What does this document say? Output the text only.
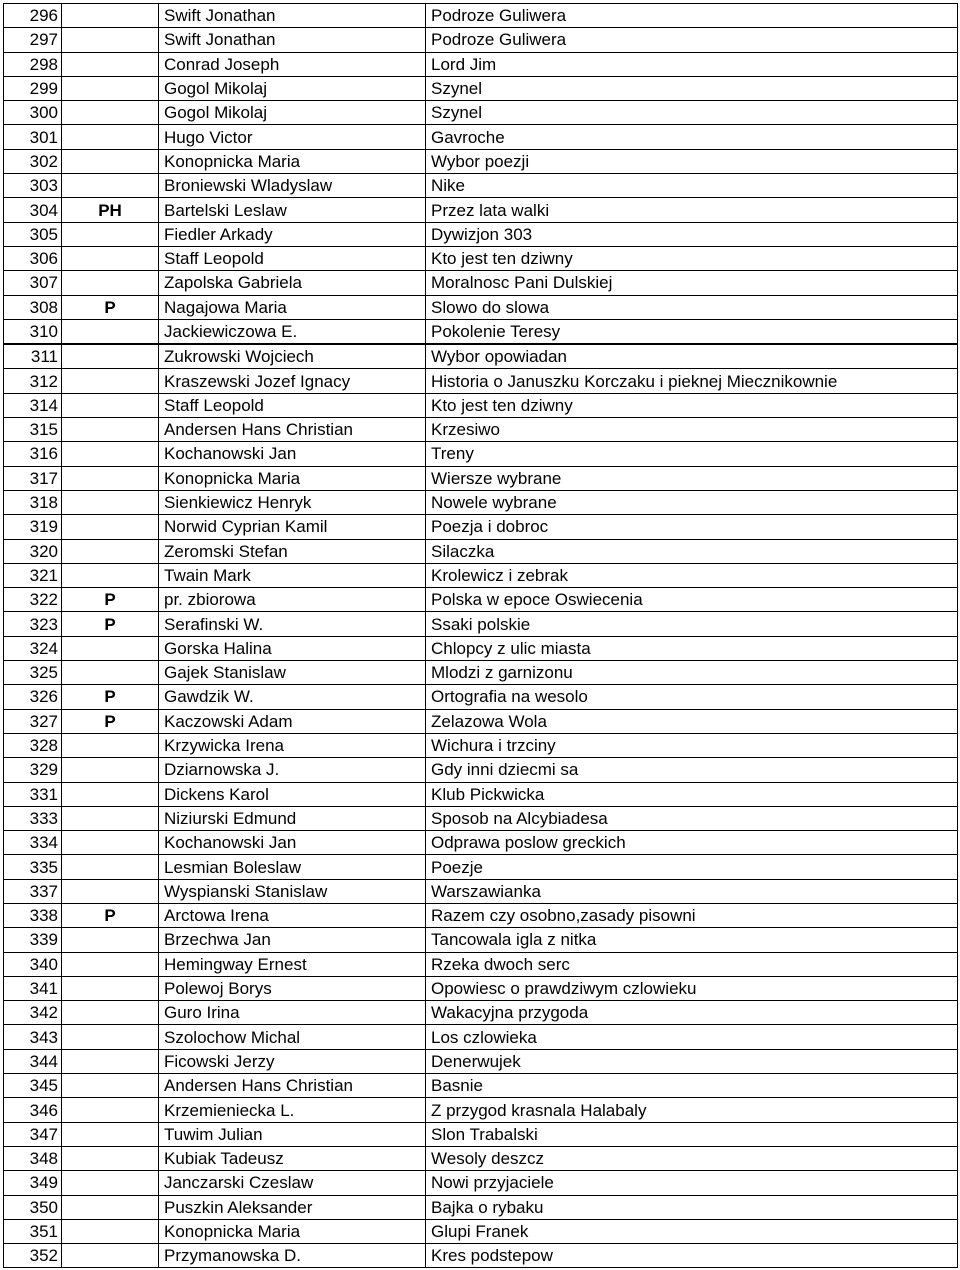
296		Swift Jonathan	Podroze Guliwera
297		Swift Jonathan	Podroze Guliwera
298		Conrad Joseph	Lord Jim
299		Gogol Mikolaj	Szynel
300		Gogol Mikolaj	Szynel
301		Hugo Victor	Gavroche
302		Konopnicka Maria	Wybor poezji
303		Broniewski Wladyslaw	Nike
304	PH	Bartelski Leslaw	Przez lata walki
305		Fiedler Arkady	Dywizjon 303
306		Staff Leopold	Kto jest ten dziwny
307		Zapolska Gabriela	Moralnosc Pani Dulskiej
308	P	Nagajowa Maria	Slowo do slowa
310		Jackiewiczowa E.	Pokolenie Teresy
311		Zukrowski Wojciech	Wybor opowiadan
312		Kraszewski Jozef Ignacy	Historia o Januszku Korczaku i pieknej Miecznikownie
314		Staff Leopold	Kto jest ten dziwny
315		Andersen Hans Christian	Krzesiwo
316		Kochanowski Jan	Treny
317		Konopnicka Maria	Wiersze wybrane
318		Sienkiewicz Henryk	Nowele wybrane
319		Norwid Cyprian Kamil	Poezja i dobroc
320		Zeromski Stefan	Silaczka
321		Twain Mark	Krolewicz i zebrak
322	P	pr. zbiorowa	Polska w epoce Oswiecenia
323	P	Serafinski W.	Ssaki polskie
324		Gorska Halina	Chlopcy z ulic miasta
325		Gajek Stanislaw	Mlodzi z garnizonu
326	P	Gawdzik W.	Ortografia na wesolo
327	P	Kaczowski Adam	Zelazowa Wola
328		Krzywicka Irena	Wichura i trzciny
329		Dziarnowska J.	Gdy inni dziecmi sa
331		Dickens Karol	Klub Pickwicka
333		Niziurski Edmund	Sposob na Alcybiadesa
334		Kochanowski Jan	Odprawa poslow greckich
335		Lesmian Boleslaw	Poezje
337		Wyspianski Stanislaw	Warszawianka
338	P	Arctowa Irena	Razem czy osobno,zasady pisowni
339		Brzechwa Jan	Tancowala igla z nitka
340		Hemingway Ernest	Rzeka dwoch serc
341		Polewoj Borys	Opowiesc o prawdziwym czlowieku
342		Guro Irina	Wakacyjna przygoda
343		Szolochow Michal	Los czlowieka
344		Ficowski Jerzy	Denerwujek
345		Andersen Hans Christian	Basnie
346		Krzemieniecka L.	Z przygod krasnala Halabaly
347		Tuwim Julian	Slon Trabalski
348		Kubiak Tadeusz	Wesoly deszcz
349		Janczarski Czeslaw	Nowi przyjaciele
350		Puszkin Aleksander	Bajka o rybaku
351		Konopnicka Maria	Glupi Franek
352		Przymanowska D.	Kres podstepow
